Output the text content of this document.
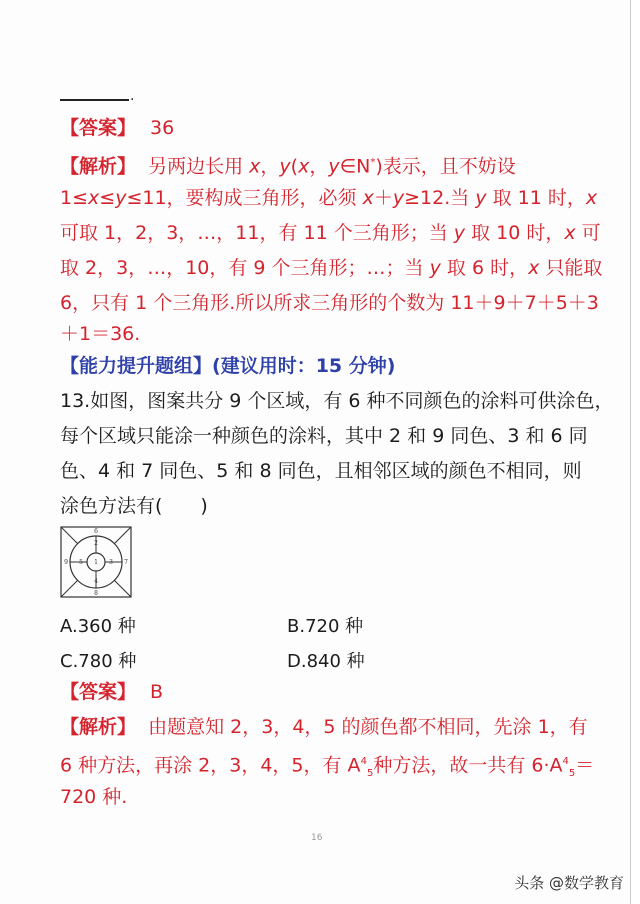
.
【答案】 36
【解析】 另两边长用 x，y(x，y∈N*)表示，且不妨设
1≤x≤y≤11，要构成三角形，必须 x＋y≥12.当 y 取 11 时，x
可取 1，2，3，…，11，有 11 个三角形；当 y 取 10 时，x 可
取 2，3，…，10，有 9 个三角形；…；当 y 取 6 时，x 只能取
6，只有 1 个三角形.所以所求三角形的个数为 11＋9＋7＋5＋3
＋1＝36.
【能力提升题组】(建议用时：15 分钟)
13.如图，图案共分 9 个区域，有 6 种不同颜色的涂料可供涂色，
每个区域只能涂一种颜色的涂料，其中 2 和 9 同色、3 和 6 同
色、4 和 7 同色、5 和 8 同色，且相邻区域的颜色不相同，则
涂色方法有(　　)
1
2
3
4
5
6
7
8
9
A.360 种	B.720 种
C.780 种	D.840 种
【答案】 B
【解析】 由题意知 2，3，4，5 的颜色都不相同，先涂 1，有
6 种方法，再涂 2，3，4，5，有 $A^4_5$种方法，故一共有 $6\cdot A^4_5=$
720 种.
16
头条 @数学教育
